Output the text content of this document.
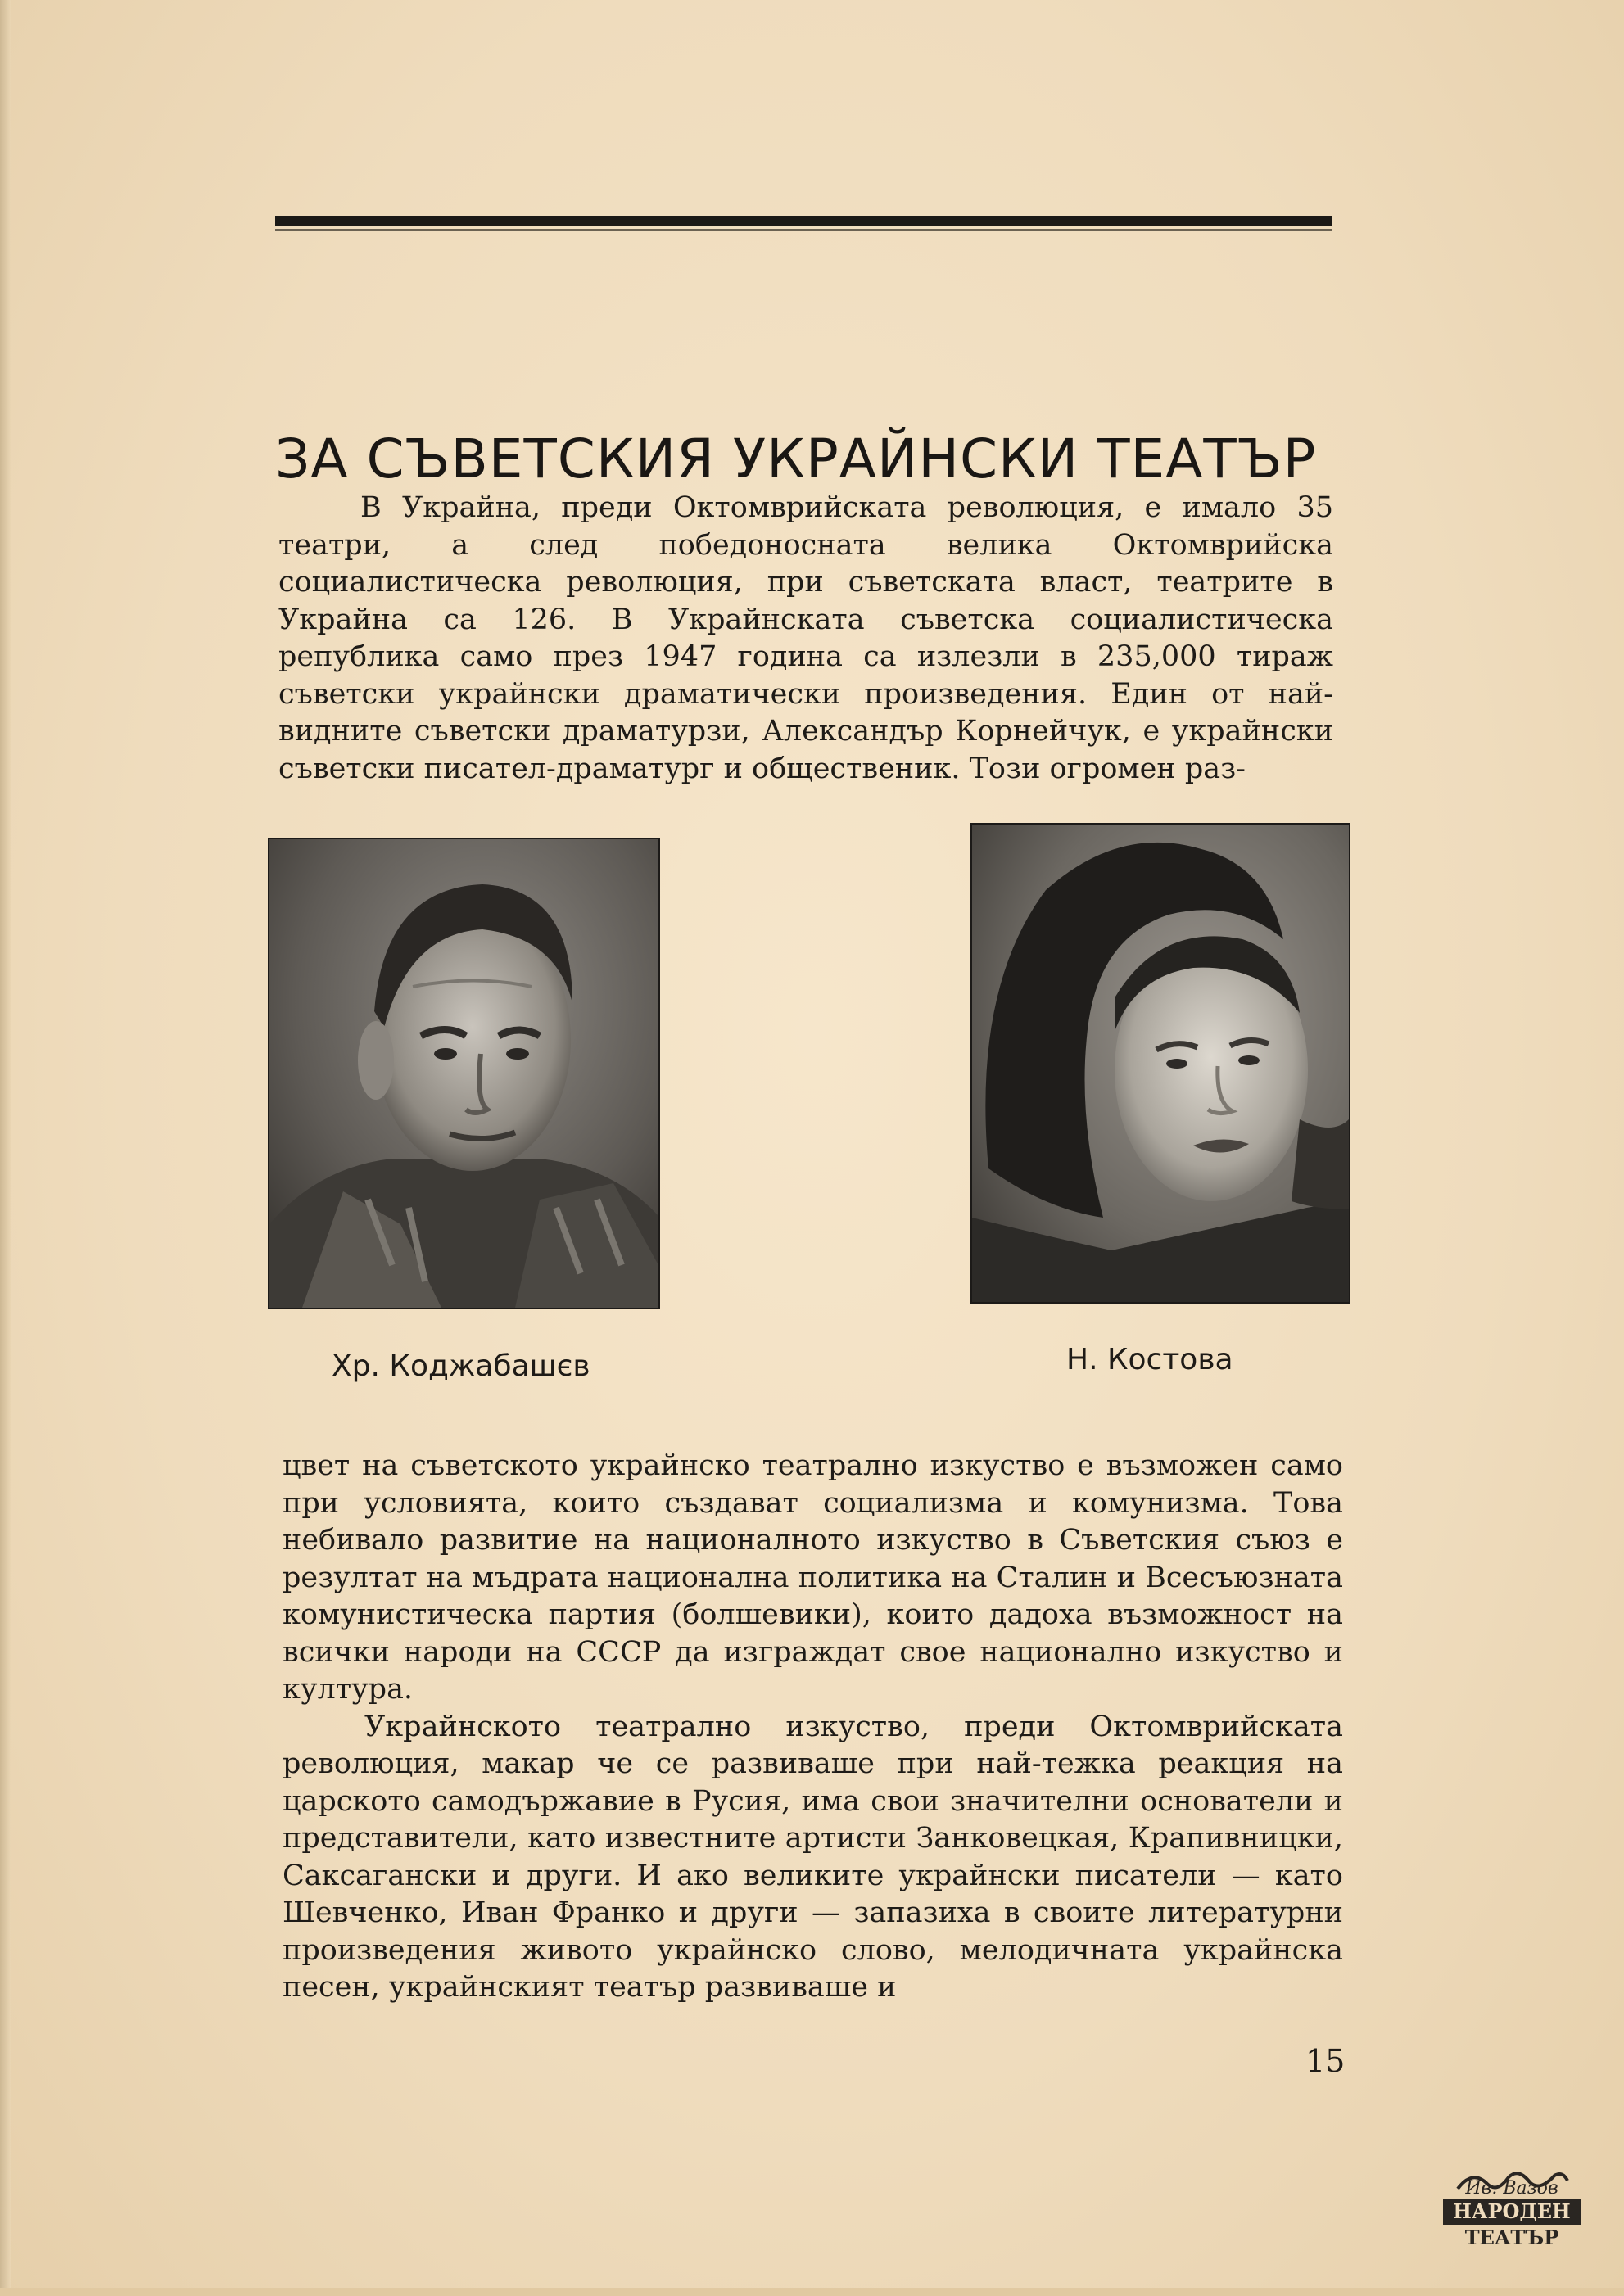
ЗА СЪВЕТСКИЯ УКРАЙНСКИ ТЕАТЪР

В Украйна, преди Октомврийската революция, е имало 35 театри, а след победоносната велика Октомврийска социалистическа революция, при съветската власт, театрите в Украйна са 126. В Украйнската съветска социалистическа република само през 1947 година са излезли в 235,000 тираж съветски украйнски драматически произведения. Един от най-видните съветски драматурзи, Александър Корнейчук, е украйнски съветски писател-драматург и общественик. Този огромен раз-

Хр. Коджабашєв	Н. Костова

цвет на съветското украйнско театрално изкуство е възможен само при условията, които създават социализма и комунизма. Това небивало развитие на националното изкуство в Съветския съюз е резултат на мъдрата национална политика на Сталин и Всесъюзната комунистическа партия (болшевики), които дадоха възможност на всички народи на СССР да изграждат свое национално изкуство и култура.

Украйнското театрално изкуство, преди Октомврийската революция, макар че се развиваше при най-тежка реакция на царското самодържавие в Русия, има свои значителни основатели и представители, като известните артисти Занковецкая, Крапивницки, Саксагански и други. И ако великите украйнски писатели — като Шевченко, Иван Франко и други — запазиха в своите литературни произведения живото украйнско слово, мелодичната украйнска песен, украйнският театър развиваше и

15
Ив. Вазов
НАРОДЕН
ТЕАТЪР
